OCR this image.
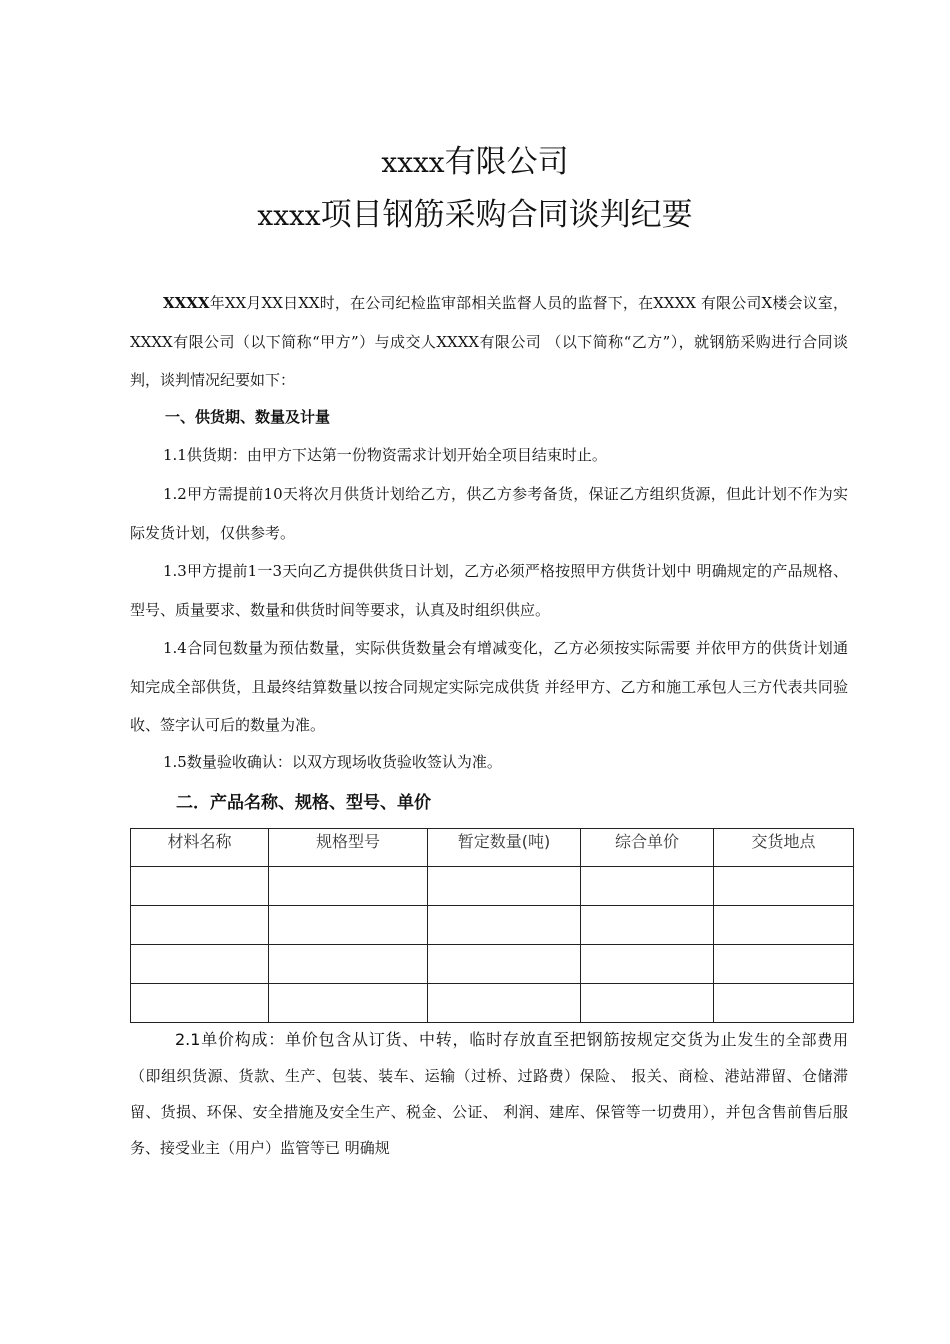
xxxx有限公司
xxxx项目钢筋采购合同谈判纪要
XXXX年XX月XX日XX时，在公司纪检监审部相关监督人员的监督下，在XXXX 有限公司X楼会议室，XXXX有限公司（以下简称“甲方”）与成交人XXXX有限公司 （以下简称“乙方”），就钢筋采购进行合同谈判，谈判情况纪要如下：
一、供货期、数量及计量
1.1供货期：由甲方下达第一份物资需求计划开始全项目结束时止。
1.2甲方需提前10天将次月供货计划给乙方，供乙方参考备货，保证乙方组织货源，但此计划不作为实际发货计划，仅供参考。
1.3甲方提前1一3天向乙方提供供货日计划，乙方必须严格按照甲方供货计划中 明确规定的产品规格、型号、质量要求、数量和供货时间等要求，认真及时组织供应。
1.4合同包数量为预估数量，实际供货数量会有增减变化，乙方必须按实际需要 并依甲方的供货计划通知完成全部供货，且最终结算数量以按合同规定实际完成供货 并经甲方、乙方和施工承包人三方代表共同验收、签字认可后的数量为准。
1.5数量验收确认：以双方现场收货验收签认为准。
二．产品名称、规格、型号、单价
材料名称	规格型号	暂定数量(吨)	综合单价	交货地点

2.1单价构成：单价包含从订货、中转，临时存放直至把钢筋按规定交货为止发生的全部费用（即组织货源、货款、生产、包装、装车、运输（过桥、过路费）保险、 报关、商检、港站滞留、仓储滞留、货损、环保、安全措施及安全生产、税金、公证、 利润、建库、保管等一切费用），并包含售前售后服务、接受业主（用户）监管等已 明确规
